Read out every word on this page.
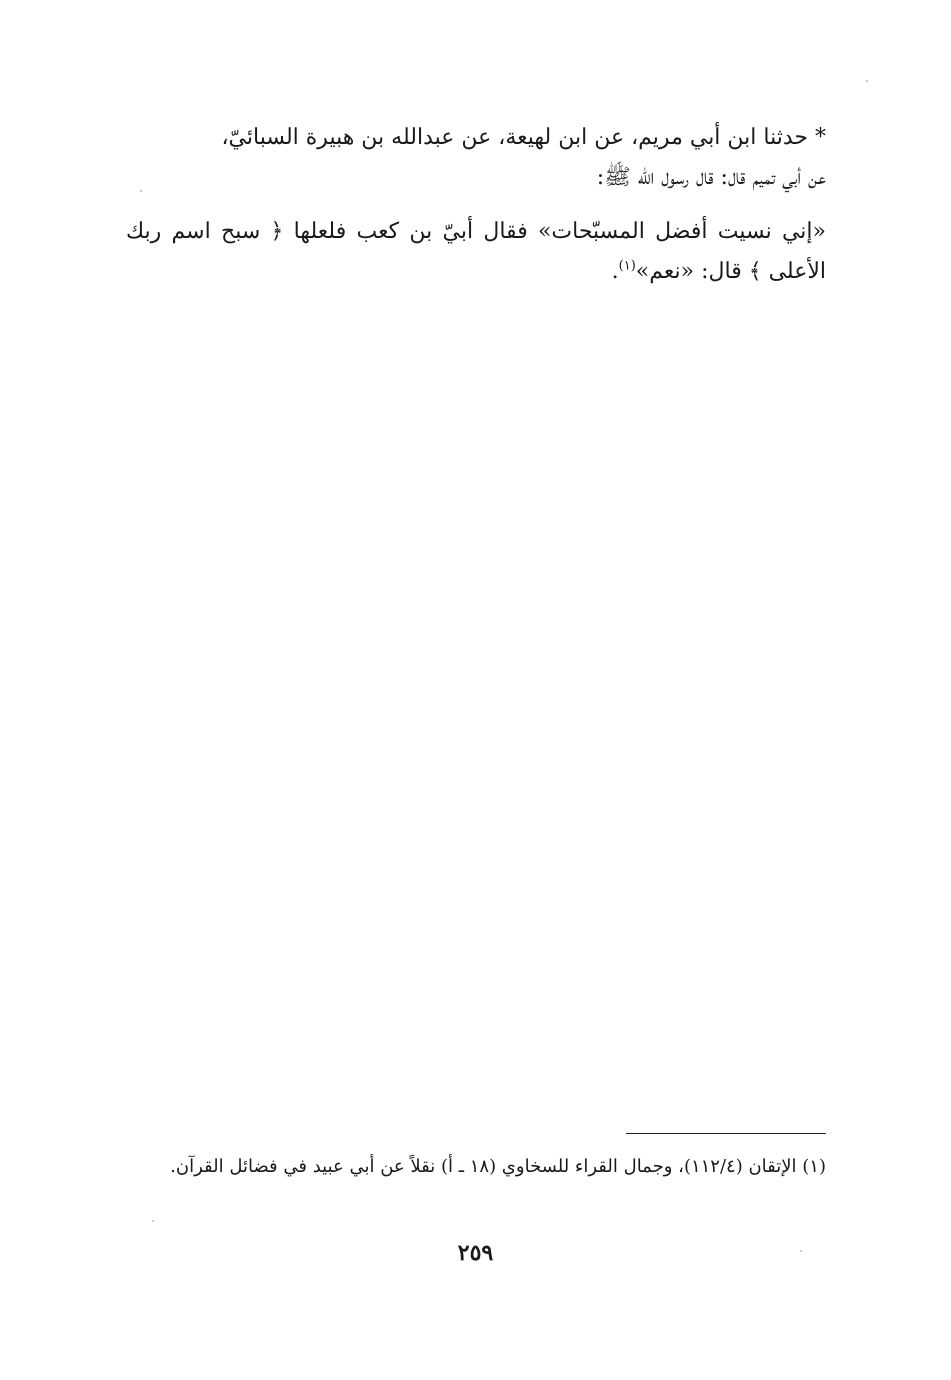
* حدثنا ابن أبي مريم، عن ابن لهيعة، عن عبدالله بن هبيرة السبائيّ،
عن أبي تميم قال: قال رسول الله ﷺ:

«إني نسيت أفضل المسبّحات» فقال أبيّ بن كعب فلعلها ﴿ سبح اسم ربك الأعلى ﴾ قال: «نعم»$^{(١)}$.

(١) الإتقان (١١٢/٤)، وجمال القراء للسخاوي (١٨ ـ أ) نقلاً عن أبي عبيد في فضائل القرآن.
٢٥٩
